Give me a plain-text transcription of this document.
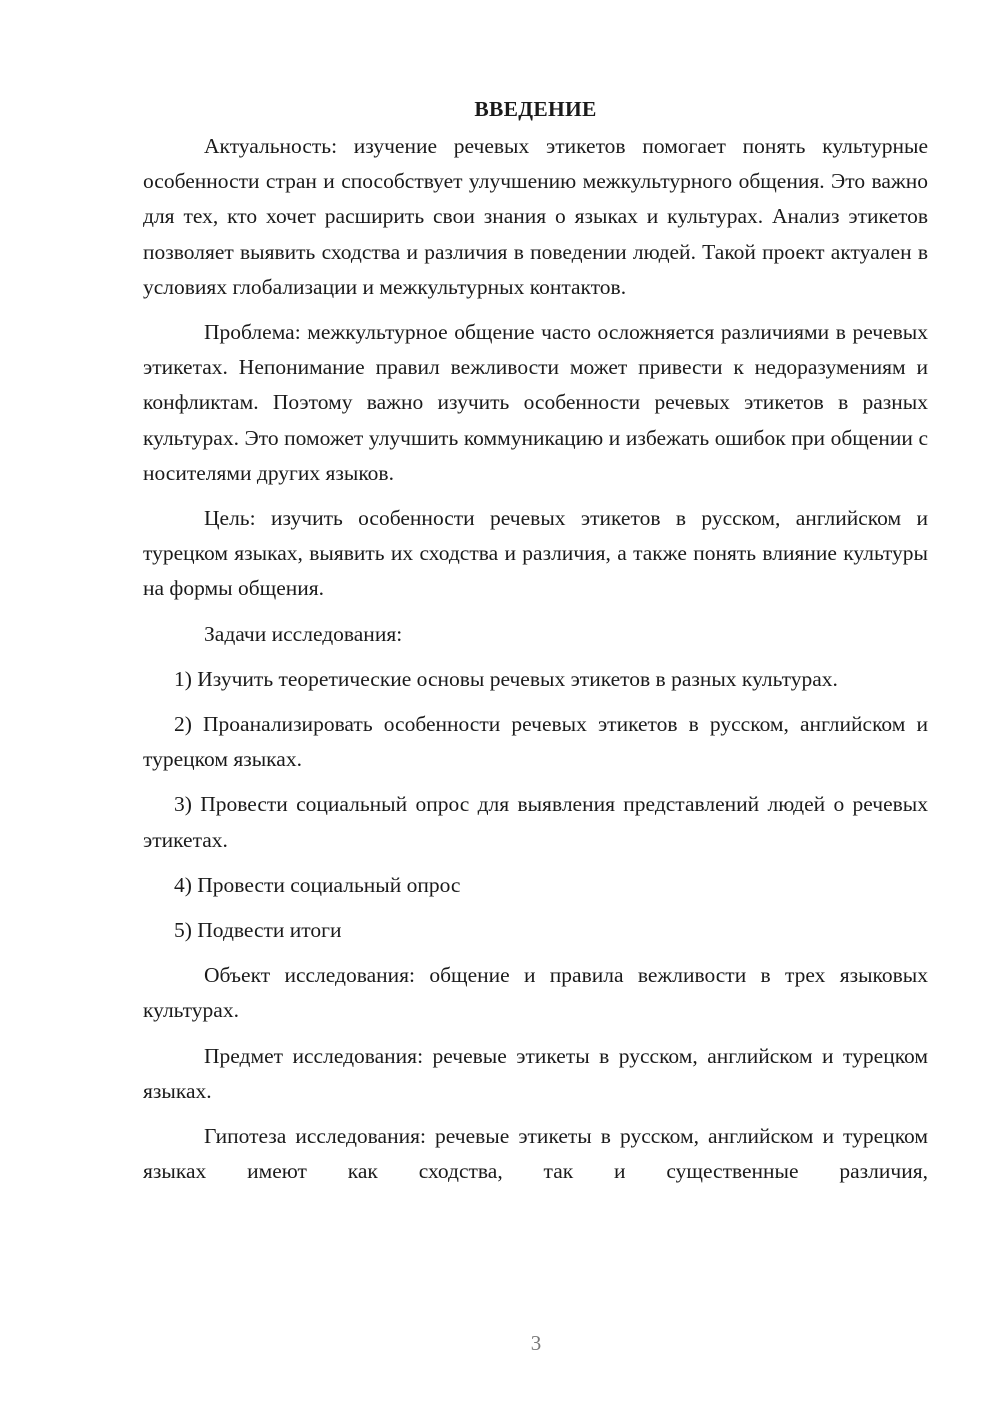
ВВЕДЕНИЕ

Актуальность: изучение речевых этикетов помогает понять культурные особенности стран и способствует улучшению межкультурного общения. Это важно для тех, кто хочет расширить свои знания о языках и культурах. Анализ этикетов позволяет выявить сходства и различия в поведении людей. Такой проект актуален в условиях глобализации и межкультурных контактов.

Проблема: межкультурное общение часто осложняется различиями в речевых этикетах. Непонимание правил вежливости может привести к недоразумениям и конфликтам. Поэтому важно изучить особенности речевых этикетов в разных культурах. Это поможет улучшить коммуникацию и избежать ошибок при общении с носителями других языков.

Цель: изучить особенности речевых этикетов в русском, английском и турецком языках, выявить их сходства и различия, а также понять влияние культуры на формы общения.

Задачи исследования:

1) Изучить теоретические основы речевых этикетов в разных культурах.

2) Проанализировать особенности речевых этикетов в русском, английском и турецком языках.

3) Провести социальный опрос для выявления представлений людей о речевых этикетах.

4) Провести социальный опрос

5) Подвести итоги

Объект исследования: общение и правила вежливости в трех языковых культурах.

Предмет исследования: речевые этикеты в русском, английском и турецком языках.

Гипотеза исследования: речевые этикеты в русском, английском и турецком языках имеют как сходства, так и существенные различия,

3
